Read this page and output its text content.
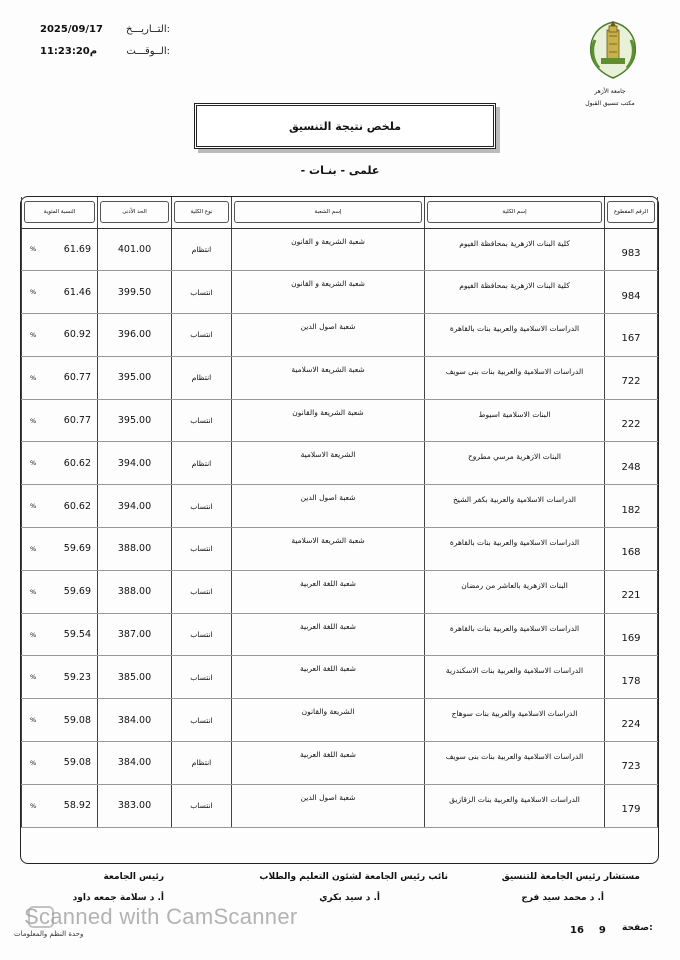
2025/09/17 التــاريـــخ:
11:23:20م	الــوقـــت:
جامعة الأزهر
مكتب تنسيق القبول
ملخص نتيجة التنسيق
- علمى - بنـات
الرقم المقطوع	إسم الكلية	إسم الشعبة	نوع الكلية	الحد الأدنى	النسبة المئوية

983	كلية البنات الازهرية بمحافظة الفيوم	شعبة الشريعة و القانون	انتظام	401.00	% 61.69

984	كلية البنات الازهرية بمحافظة الفيوم	شعبة الشريعة و القانون	انتساب	399.50	% 61.46

167	الدراسات الاسلامية والعربية بنات بالقاهرة	شعبة اصول الدين	انتساب	396.00	% 60.92

722	الدراسات الاسلامية والعربية بنات بنى سويف	شعبة الشريعة الاسلامية	انتظام	395.00	% 60.77

222	البنات الاسلامية اسيوط	شعبة الشريعة والقانون	انتساب	395.00	% 60.77

248	البنات الازهرية مرسي مطروح	الشريعة الاسلامية	انتظام	394.00	% 60.62

182	الدراسات الاسلامية والعربية بكفر الشيخ	شعبة اصول الدين	انتساب	394.00	% 60.62

168	الدراسات الاسلامية والعربية بنات بالقاهرة	شعبة الشريعة الاسلامية	انتساب	388.00	% 59.69

221	البنات الازهرية بالعاشر من رمضان	شعبة اللغة العربية	انتساب	388.00	% 59.69

169	الدراسات الاسلامية والعربية بنات بالقاهرة	شعبة اللغة العربية	انتساب	387.00	% 59.54

178	الدراسات الاسلامية والعربية بنات الاسكندرية	شعبة اللغة العربية	انتساب	385.00	% 59.23

224	الدراسات الاسلامية والعربية بنات سوهاج	الشريعة والقانون	انتساب	384.00	% 59.08

723	الدراسات الاسلامية والعربية بنات بنى سويف	شعبة اللغة العربية	انتظام	384.00	% 59.08

179	الدراسات الاسلامية والعربية بنات الزقازيق	شعبة اصول الدين	انتساب	383.00	% 58.92
مستشار رئيس الجامعة للتنسيق
نائب رئيس الجامعة لشئون التعليم والطلاب
رئيس الجامعة
أ. د محمد سيد فرج
أ. د سيد بكري
أ. د سلامة جمعه داود
وحدة النظم والمعلومات
Scanned with CamScanner
16 9 صفحة:
